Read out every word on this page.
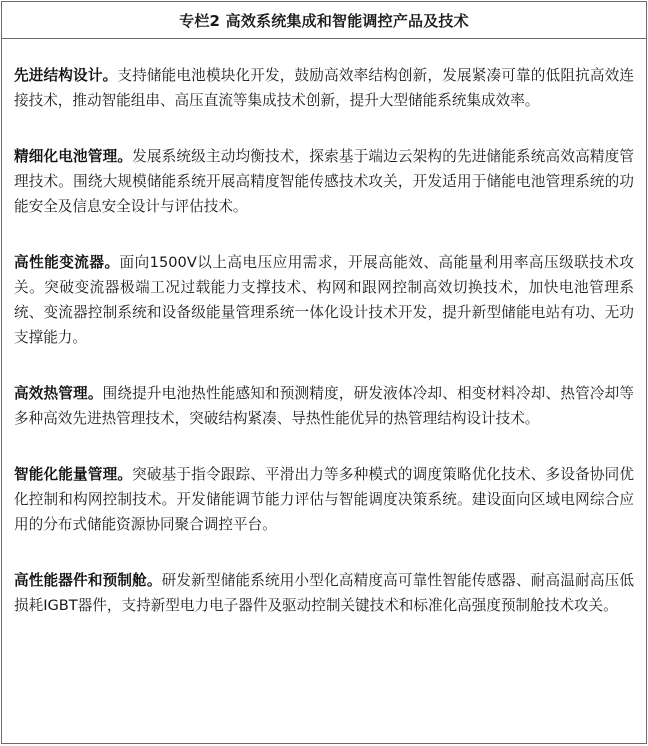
专栏2 高效系统集成和智能调控产品及技术

先进结构设计。支持储能电池模块化开发，鼓励高效率结构创新，发展紧凑可靠的低阻抗高效连接技术，推动智能组串、高压直流等集成技术创新，提升大型储能系统集成效率。

精细化电池管理。发展系统级主动均衡技术，探索基于端边云架构的先进储能系统高效高精度管理技术。围绕大规模储能系统开展高精度智能传感技术攻关，开发适用于储能电池管理系统的功能安全及信息安全设计与评估技术。

高性能变流器。面向1500V以上高电压应用需求，开展高能效、高能量利用率高压级联技术攻关。突破变流器极端工况过载能力支撑技术、构网和跟网控制高效切换技术，加快电池管理系统、变流器控制系统和设备级能量管理系统一体化设计技术开发，提升新型储能电站有功、无功支撑能力。

高效热管理。围绕提升电池热性能感知和预测精度，研发液体冷却、相变材料冷却、热管冷却等多种高效先进热管理技术，突破结构紧凑、导热性能优异的热管理结构设计技术。

智能化能量管理。突破基于指令跟踪、平滑出力等多种模式的调度策略优化技术、多设备协同优化控制和构网控制技术。开发储能调节能力评估与智能调度决策系统。建设面向区域电网综合应用的分布式储能资源协同聚合调控平台。

高性能器件和预制舱。研发新型储能系统用小型化高精度高可靠性智能传感器、耐高温耐高压低损耗IGBT器件，支持新型电力电子器件及驱动控制关键技术和标准化高强度预制舱技术攻关。
